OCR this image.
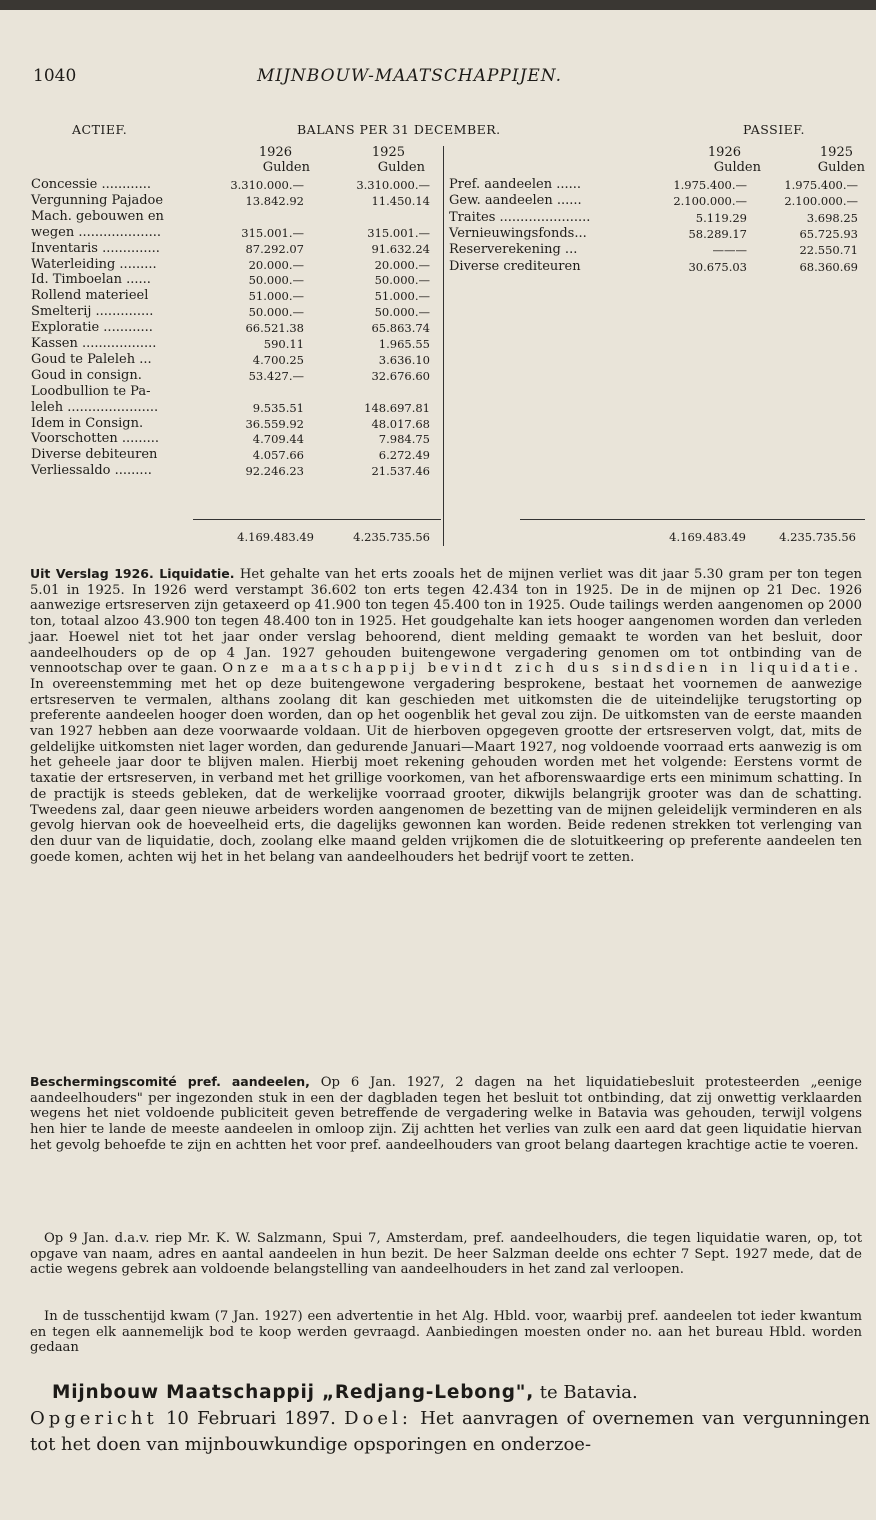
1040	MIJNBOUW-MAATSCHAPPIJEN.
ACTIEF.	BALANS PER 31 DECEMBER.	PASSIEF.
1926
Gulden
1925
Gulden
1926
Gulden
1925
Gulden
Concessie ............	3.310.000.—	3.310.000.—
Vergunning Pajadoe	13.842.92	11.450.14
Mach. gebouwen en
wegen ....................	315.001.—	315.001.—
Inventaris ..............	87.292.07	91.632.24
Waterleiding .........	20.000.—	20.000.—
Id. Timboelan ......	50.000.—	50.000.—
Rollend materieel	51.000.—	51.000.—
Smelterij ..............	50.000.—	50.000.—
Exploratie ............	66.521.38	65.863.74
Kassen ..................	590.11	1.965.55
Goud te Paleleh ...	4.700.25	3.636.10
Goud in consign.	53.427.—	32.676.60
Loodbullion te Pa-
leleh ......................	9.535.51	148.697.81
Idem in Consign.	36.559.92	48.017.68
Voorschotten .........	4.709.44	7.984.75
Diverse debiteuren	4.057.66	6.272.49
Verliessaldo .........	92.246.23	21.537.46
Pref. aandeelen ......	1.975.400.—	1.975.400.—
Gew. aandeelen ......	2.100.000.—	2.100.000.—
Traites ......................	5.119.29	3.698.25
Vernieuwingsfonds...	58.289.17	65.725.93
Reserverekening ...	———	22.550.71
Diverse crediteuren	30.675.03	68.360.69
4.169.483.49	4.235.735.56	4.169.483.49	4.235.735.56
Uit Verslag 1926. Liquidatie. Het gehalte van het erts zooals het de mijnen verliet was dit jaar 5.30 gram per ton tegen 5.01 in 1925. In 1926 werd verstampt 36.602 ton erts tegen 42.434 ton in 1925. De in de mijnen op 21 Dec. 1926 aanwezige ertsreserven zijn getaxeerd op 41.900 ton tegen 45.400 ton in 1925. Oude tailings werden aangenomen op 2000 ton, totaal alzoo 43.900 ton tegen 48.400 ton in 1925. Het goudgehalte kan iets hooger aangenomen worden dan verleden jaar. Hoewel niet tot het jaar onder verslag behoorend, dient melding gemaakt te worden van het besluit, door aandeelhouders op de op 4 Jan. 1927 gehouden buitengewone vergadering genomen om tot ontbinding van de vennootschap over te gaan. Onze maatschappij bevindt zich dus sindsdien in liquidatie. In overeenstemming met het op deze buitengewone vergadering besprokene, bestaat het voornemen de aanwezige ertsreserven te vermalen, althans zoolang dit kan geschieden met uitkomsten die de uiteindelijke terugstorting op preferente aandeelen hooger doen worden, dan op het oogenblik het geval zou zijn. De uitkomsten van de eerste maanden van 1927 hebben aan deze voorwaarde voldaan. Uit de hierboven opgegeven grootte der ertsreserven volgt, dat, mits de geldelijke uitkomsten niet lager worden, dan gedurende Januari—Maart 1927, nog voldoende voorraad erts aanwezig is om het geheele jaar door te blijven malen. Hierbij moet rekening gehouden worden met het volgende: Eerstens vormt de taxatie der ertsreserven, in verband met het grillige voorkomen, van het afborenswaardige erts een minimum schatting. In de practijk is steeds gebleken, dat de werkelijke voorraad grooter, dikwijls belangrijk grooter was dan de schatting. Tweedens zal, daar geen nieuwe arbeiders worden aangenomen de bezetting van de mijnen geleidelijk verminderen en als gevolg hiervan ook de hoeveelheid erts, die dagelijks gewonnen kan worden. Beide redenen strekken tot verlenging van den duur van de liquidatie, doch, zoolang elke maand gelden vrijkomen die de slotuitkeering op preferente aandeelen ten goede komen, achten wij het in het belang van aandeelhouders het bedrijf voort te zetten.
Beschermingscomité pref. aandeelen, Op 6 Jan. 1927, 2 dagen na het liquidatiebesluit protesteerden „eenige aandeelhouders" per ingezonden stuk in een der dagbladen tegen het besluit tot ontbinding, dat zij onwettig verklaarden wegens het niet voldoende publiciteit geven betreffende de vergadering welke in Batavia was gehouden, terwijl volgens hen hier te lande de meeste aandeelen in omloop zijn. Zij achtten het verlies van zulk een aard dat geen liquidatie hiervan het gevolg behoefde te zijn en achtten het voor pref. aandeelhouders van groot belang daartegen krachtige actie te voeren.
Op 9 Jan. d.a.v. riep Mr. K. W. Salzmann, Spui 7, Amsterdam, pref. aandeelhouders, die tegen liquidatie waren, op, tot opgave van naam, adres en aantal aandeelen in hun bezit. De heer Salzman deelde ons echter 7 Sept. 1927 mede, dat de actie wegens gebrek aan voldoende belangstelling van aandeelhouders in het zand zal verloopen.
In de tusschentijd kwam (7 Jan. 1927) een advertentie in het Alg. Hbld. voor, waarbij pref. aandeelen tot ieder kwantum en tegen elk aannemelijk bod te koop werden gevraagd. Aanbiedingen moesten onder no. aan het bureau Hbld. worden gedaan
Mijnbouw Maatschappij „Redjang-Lebong", te Batavia.
Opgericht 10 Februari 1897. Doel: Het aanvragen of overnemen van vergunningen tot het doen van mijnbouwkundige opsporingen en onderzoe-
